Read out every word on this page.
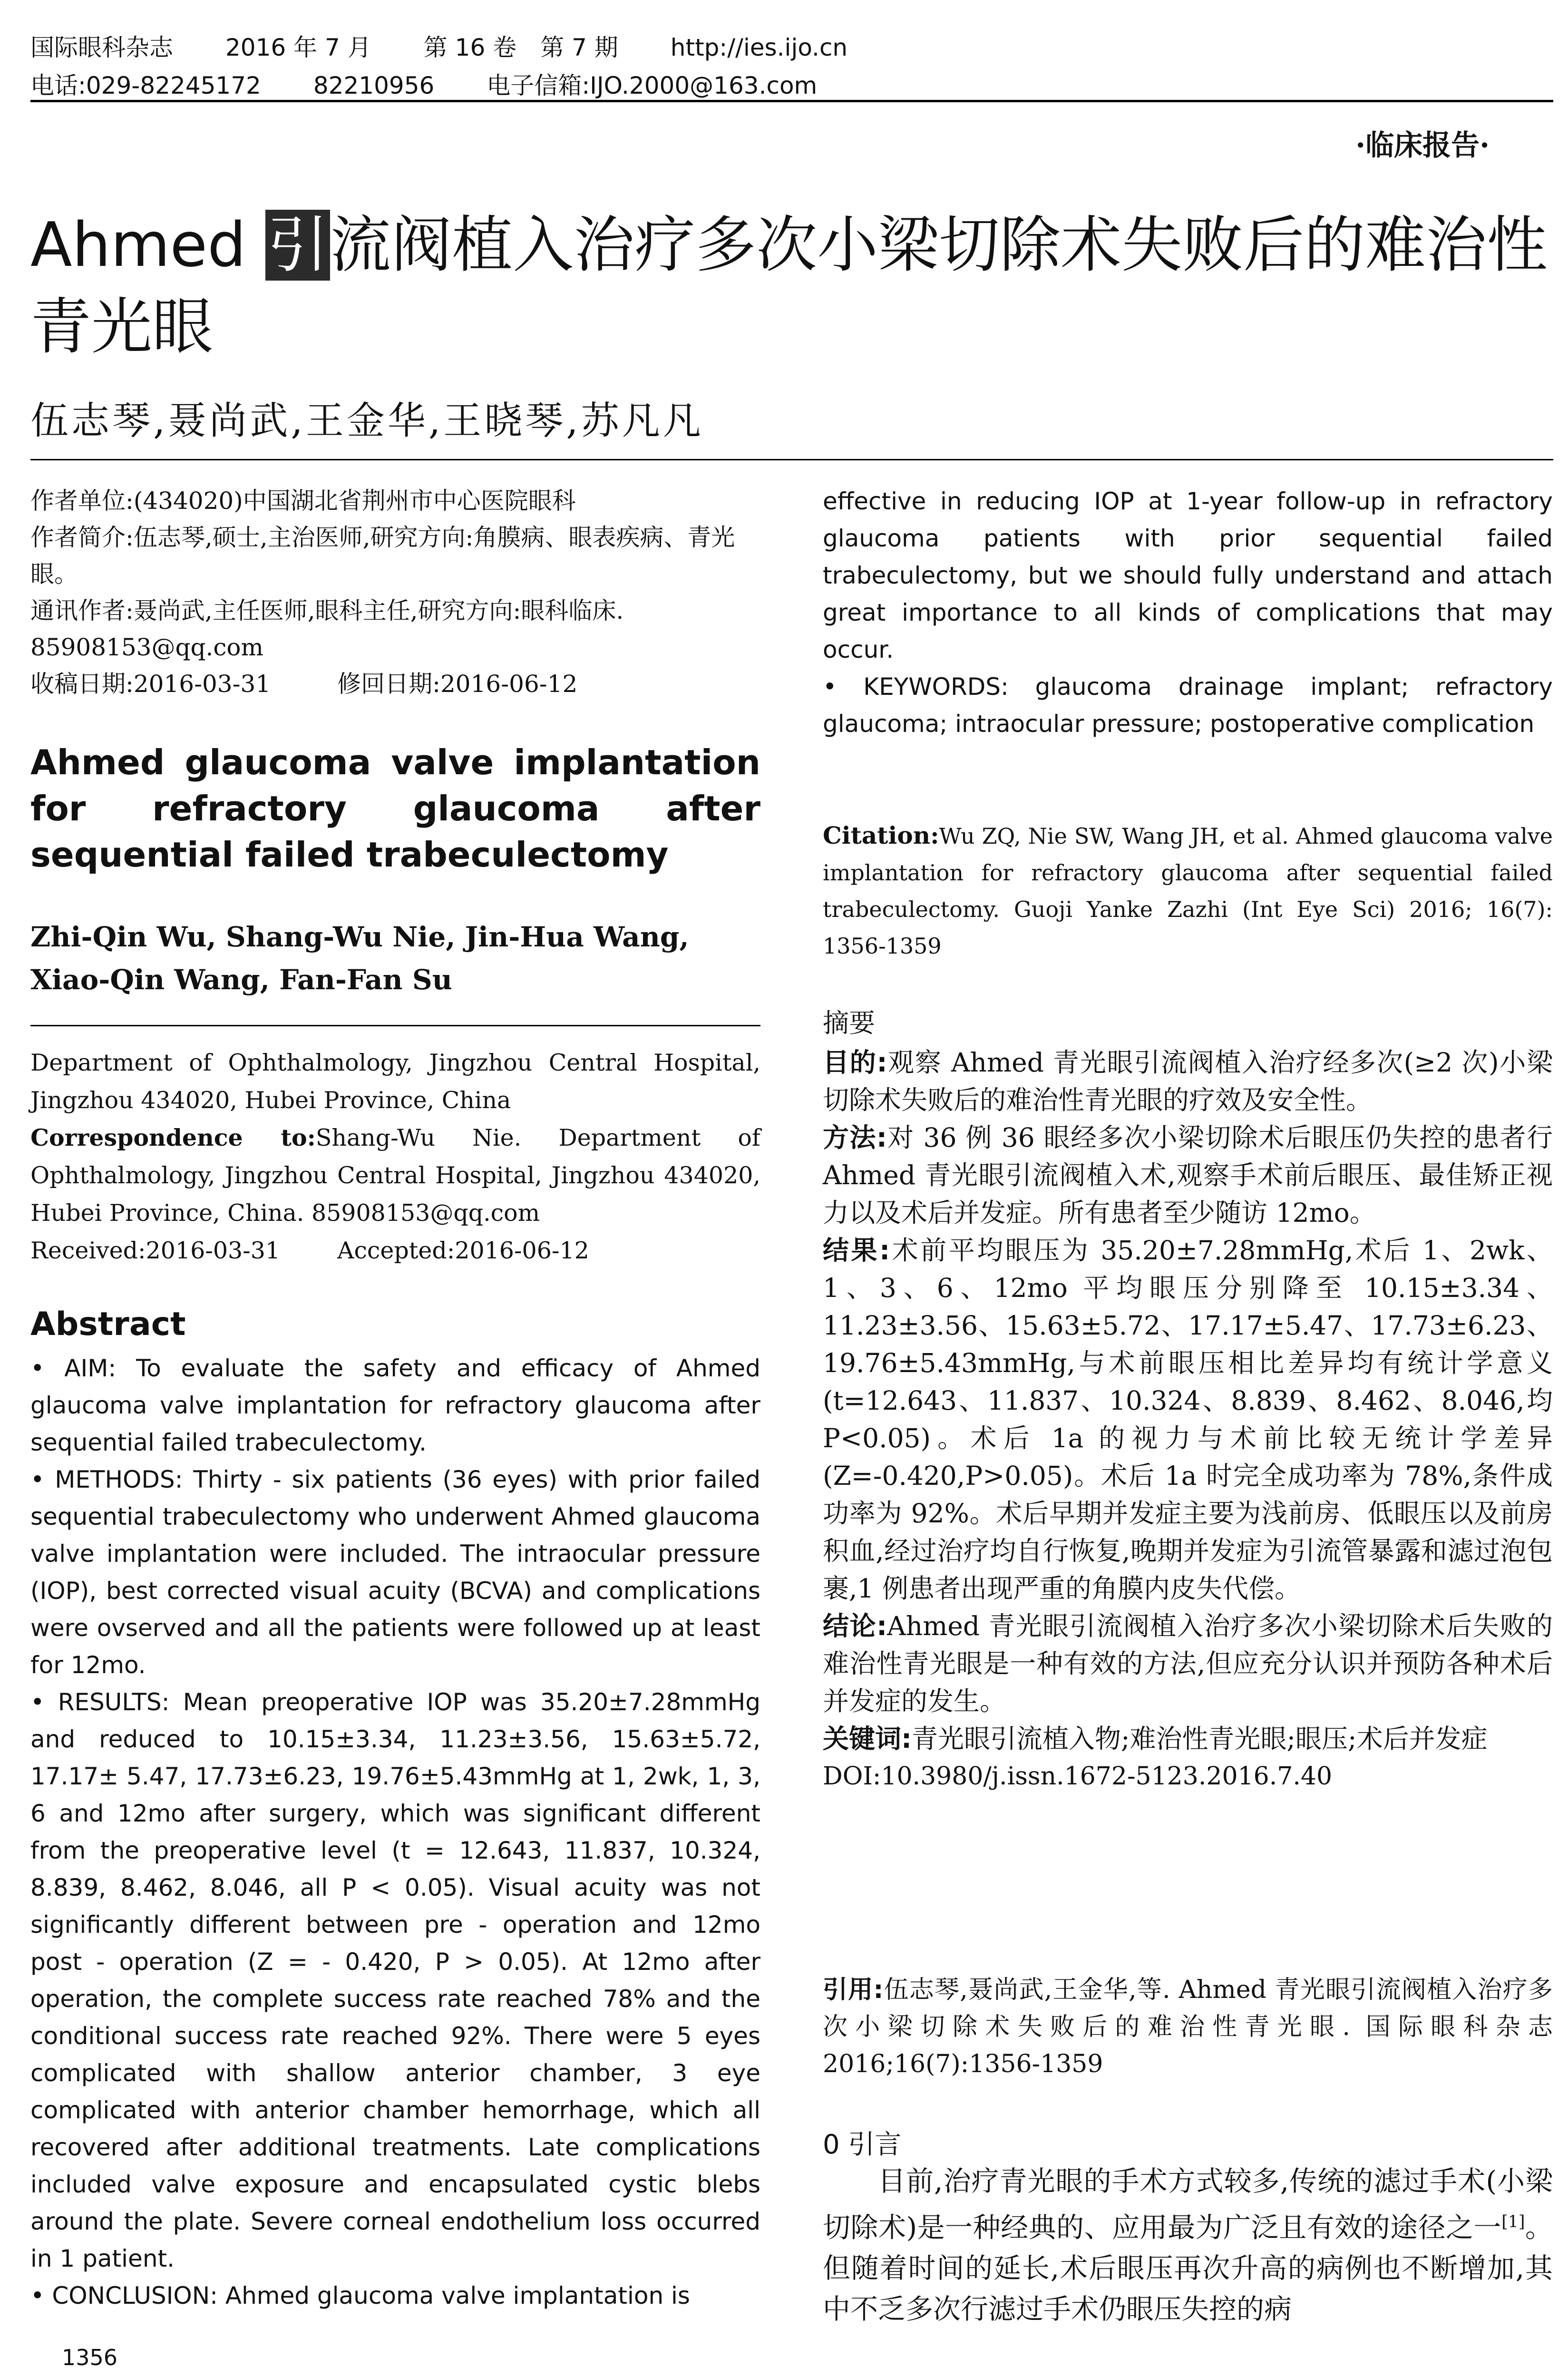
国际眼科杂志 2016 年 7 月 第 16 卷 第 7 期 http://ies.ijo.cn
电话:029-82245172 82210956 电子信箱:IJO.2000@163.com
·临床报告·
Ahmed 引流阀植入治疗多次小梁切除术失败后的难治性青光眼
伍志琴,聂尚武,王金华,王晓琴,苏凡凡

作者单位:(434020)中国湖北省荆州市中心医院眼科

作者简介:伍志琴,硕士,主治医师,研究方向:角膜病、眼表疾病、青光眼。

通讯作者:聂尚武,主任医师,眼科主任,研究方向:眼科临床. 85908153@qq.com

收稿日期:2016-03-31	修回日期:2016-06-12

Ahmed glaucoma valve implantation for refractory glaucoma after sequential failed trabeculectomy
Zhi-Qin Wu, Shang-Wu Nie, Jin-Hua Wang, Xiao-Qin Wang, Fan-Fan Su

Department of Ophthalmology, Jingzhou Central Hospital, Jingzhou 434020, Hubei Province, China

Correspondence to:Shang-Wu Nie. Department of Ophthalmology, Jingzhou Central Hospital, Jingzhou 434020, Hubei Province, China. 85908153@qq.com

Received:2016-03-31 Accepted:2016-06-12

Abstract

• AIM: To evaluate the safety and efficacy of Ahmed glaucoma valve implantation for refractory glaucoma after sequential failed trabeculectomy.

• METHODS: Thirty - six patients (36 eyes) with prior failed sequential trabeculectomy who underwent Ahmed glaucoma valve implantation were included. The intraocular pressure (IOP), best corrected visual acuity (BCVA) and complications were ovserved and all the patients were followed up at least for 12mo.

• RESULTS: Mean preoperative IOP was 35.20±7.28mmHg and reduced to 10.15±3.34, 11.23±3.56, 15.63±5.72, 17.17± 5.47, 17.73±6.23, 19.76±5.43mmHg at 1, 2wk, 1, 3, 6 and 12mo after surgery, which was significant different from the preoperative level (t = 12.643, 11.837, 10.324, 8.839, 8.462, 8.046, all P < 0.05). Visual acuity was not significantly different between pre - operation and 12mo post - operation (Z = - 0.420, P > 0.05). At 12mo after operation, the complete success rate reached 78% and the conditional success rate reached 92%. There were 5 eyes complicated with shallow anterior chamber, 3 eye complicated with anterior chamber hemorrhage, which all recovered after additional treatments. Late complications included valve exposure and encapsulated cystic blebs around the plate. Severe corneal endothelium loss occurred in 1 patient.

• CONCLUSION: Ahmed glaucoma valve implantation is

1356

effective in reducing IOP at 1-year follow-up in refractory glaucoma patients with prior sequential failed trabeculectomy, but we should fully understand and attach great importance to all kinds of complications that may occur.

• KEYWORDS: glaucoma drainage implant; refractory glaucoma; intraocular pressure; postoperative complication

Citation:Wu ZQ, Nie SW, Wang JH, et al. Ahmed glaucoma valve implantation for refractory glaucoma after sequential failed trabeculectomy. Guoji Yanke Zazhi (Int Eye Sci) 2016; 16(7): 1356-1359

摘要

目的:观察 Ahmed 青光眼引流阀植入治疗经多次(≥2 次)小梁切除术失败后的难治性青光眼的疗效及安全性。

方法:对 36 例 36 眼经多次小梁切除术后眼压仍失控的患者行 Ahmed 青光眼引流阀植入术,观察手术前后眼压、最佳矫正视力以及术后并发症。所有患者至少随访 12mo。

结果:术前平均眼压为 35.20±7.28mmHg,术后 1、2wk、1、3、6、12mo 平均眼压分别降至 10.15±3.34、11.23±3.56、15.63±5.72、17.17±5.47、17.73±6.23、19.76±5.43mmHg,与术前眼压相比差异均有统计学意义(t=12.643、11.837、10.324、8.839、8.462、8.046,均 P<0.05)。术后 1a 的视力与术前比较无统计学差异(Z=-0.420,P>0.05)。术后 1a 时完全成功率为 78%,条件成功率为 92%。术后早期并发症主要为浅前房、低眼压以及前房积血,经过治疗均自行恢复,晚期并发症为引流管暴露和滤过泡包裹,1 例患者出现严重的角膜内皮失代偿。

结论:Ahmed 青光眼引流阀植入治疗多次小梁切除术后失败的难治性青光眼是一种有效的方法,但应充分认识并预防各种术后并发症的发生。

关键词:青光眼引流植入物;难治性青光眼;眼压;术后并发症

DOI:10.3980/j.issn.1672-5123.2016.7.40

引用:伍志琴,聂尚武,王金华,等. Ahmed 青光眼引流阀植入治疗多次小梁切除术失败后的难治性青光眼. 国际眼科杂志 2016;16(7):1356-1359
0 引言
目前,治疗青光眼的手术方式较多,传统的滤过手术(小梁切除术)是一种经典的、应用最为广泛且有效的途径之一[1]。但随着时间的延长,术后眼压再次升高的病例也不断增加,其中不乏多次行滤过手术仍眼压失控的病
